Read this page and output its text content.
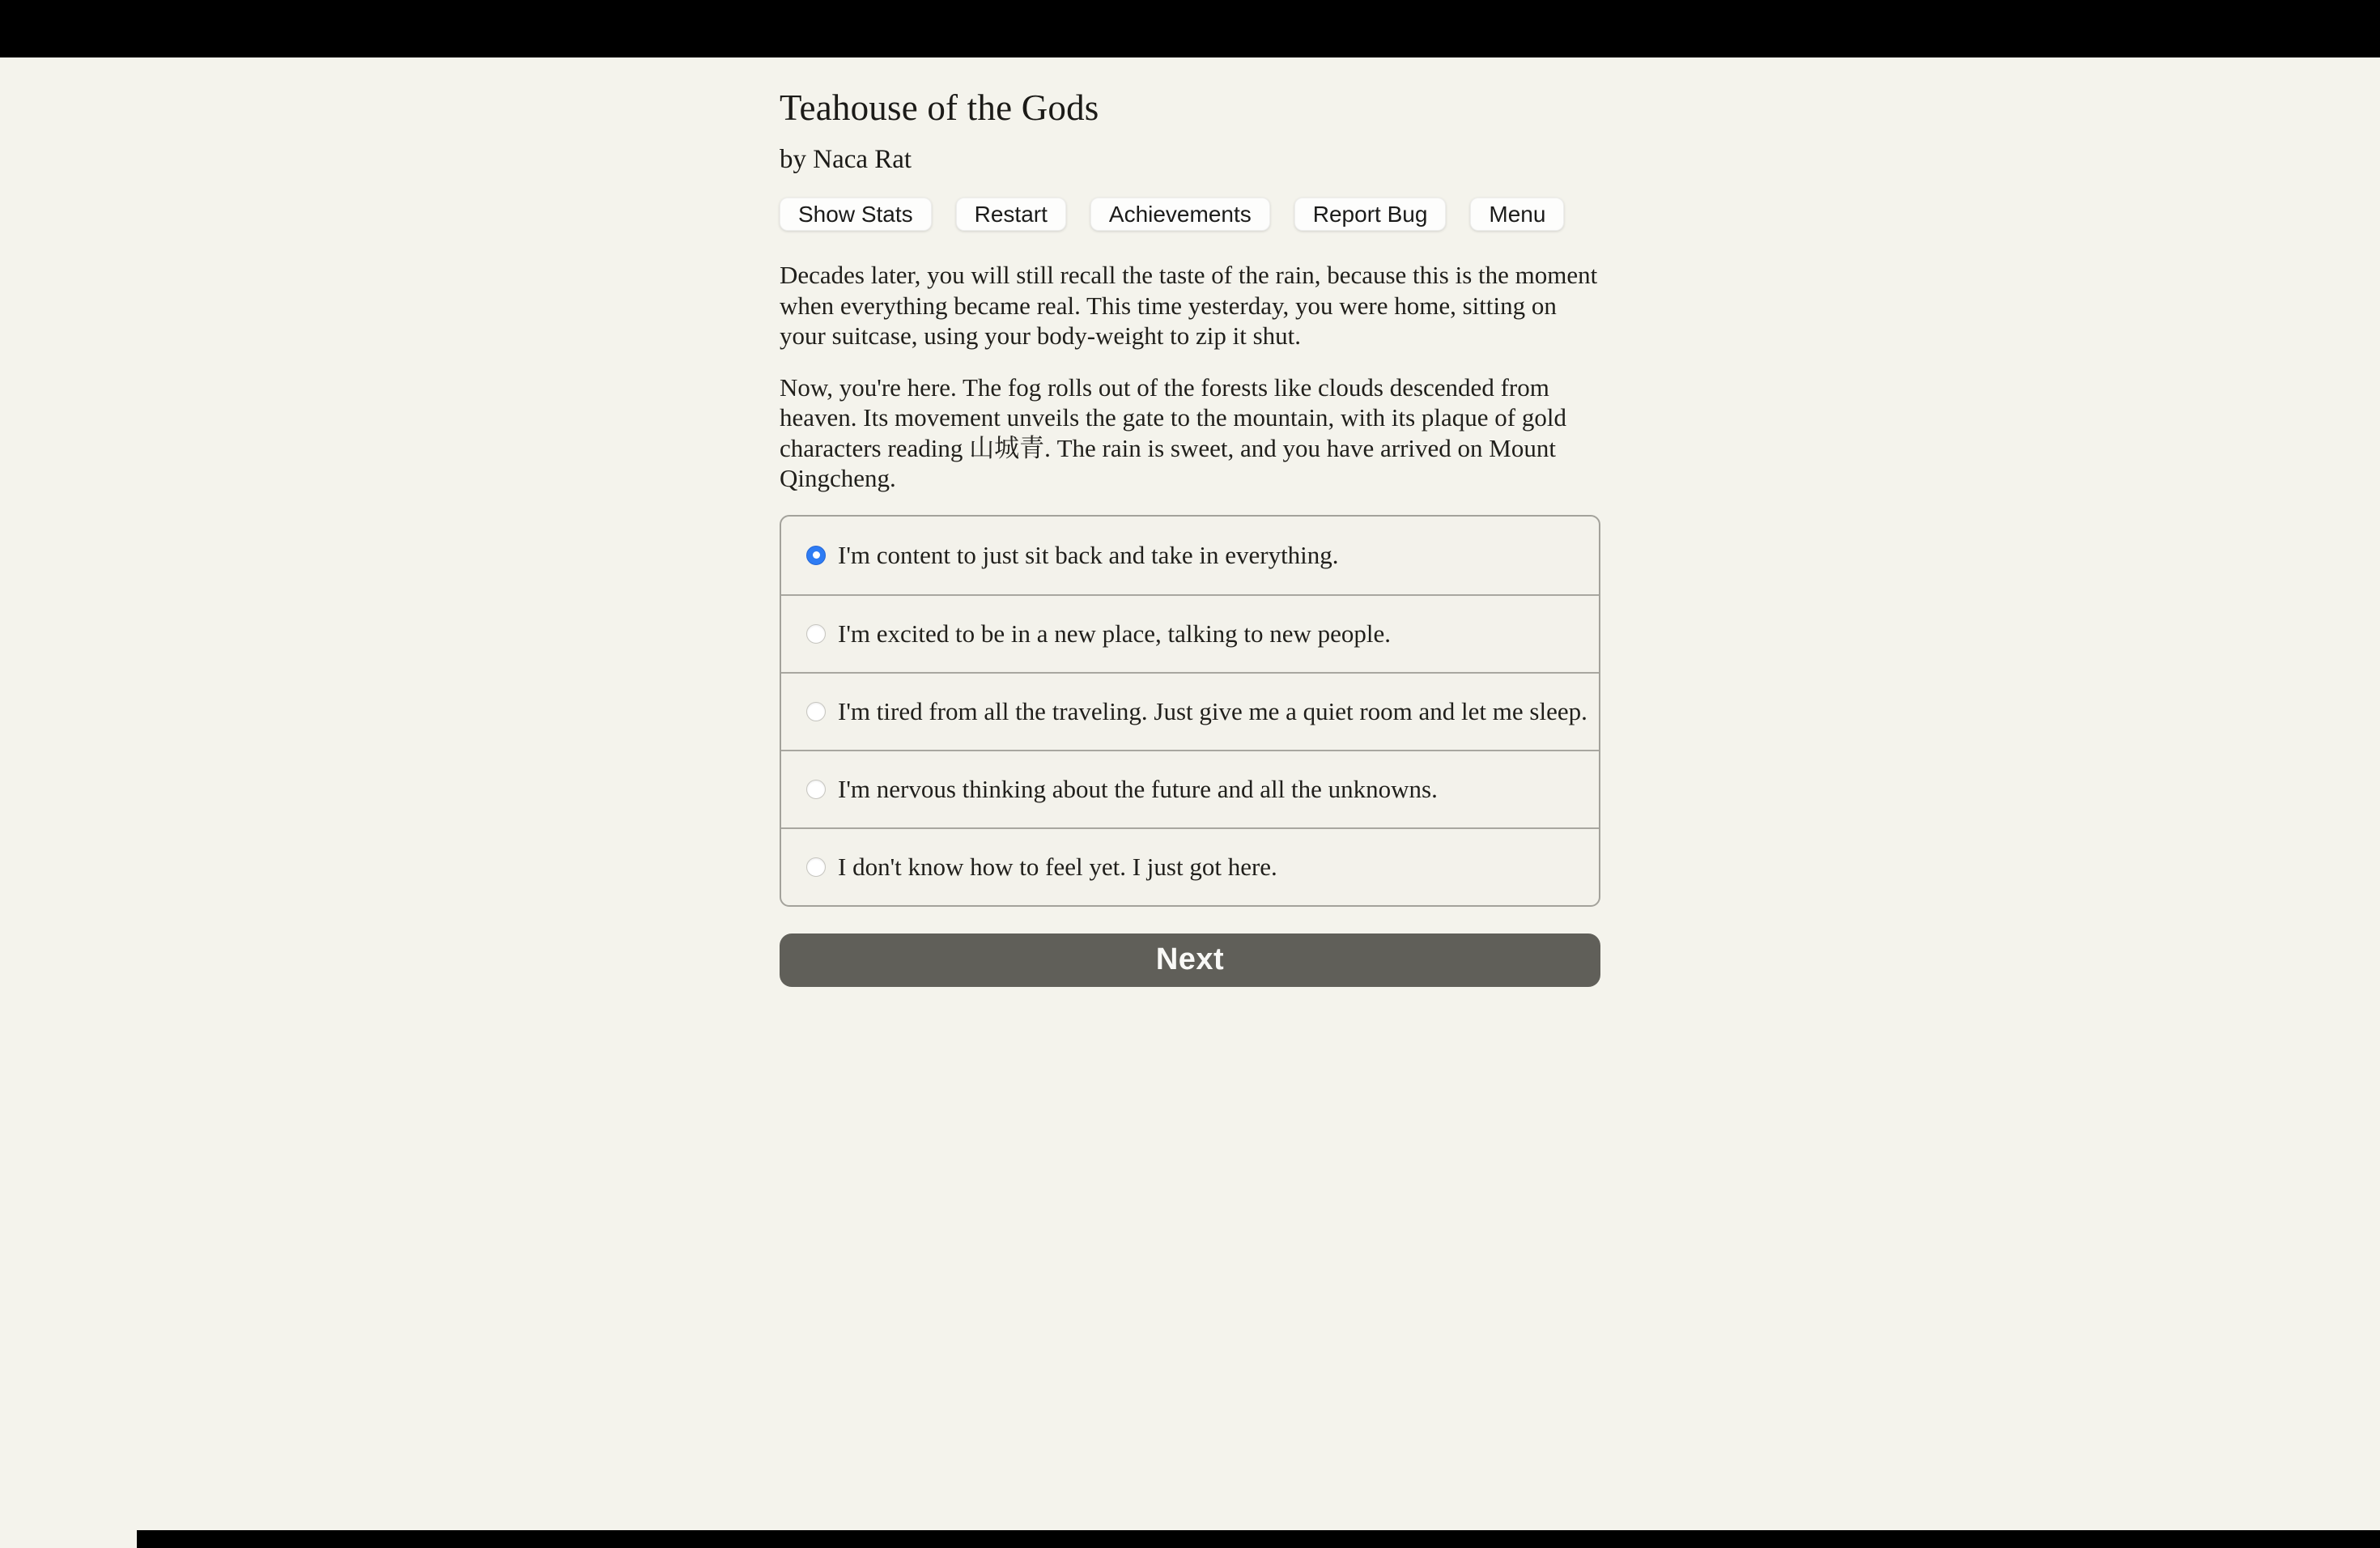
Teahouse of the Gods
by Naca Rat
Show Stats	Restart	Achievements	Report Bug	Menu

Decades later, you will still recall the taste of the rain, because this is the moment when everything became real. This time yesterday, you were home, sitting on your suitcase, using your body-weight to zip it shut.

Now, you're here. The fog rolls out of the forests like clouds descended from heaven. Its movement unveils the gate to the mountain, with its plaque of gold characters reading 山城青. The rain is sweet, and you have arrived on Mount Qingcheng.

I'm content to just sit back and take in everything.
I'm excited to be in a new place, talking to new people.
I'm tired from all the traveling. Just give me a quiet room and let me sleep.
I'm nervous thinking about the future and all the unknowns.
I don't know how to feel yet. I just got here.
Next
